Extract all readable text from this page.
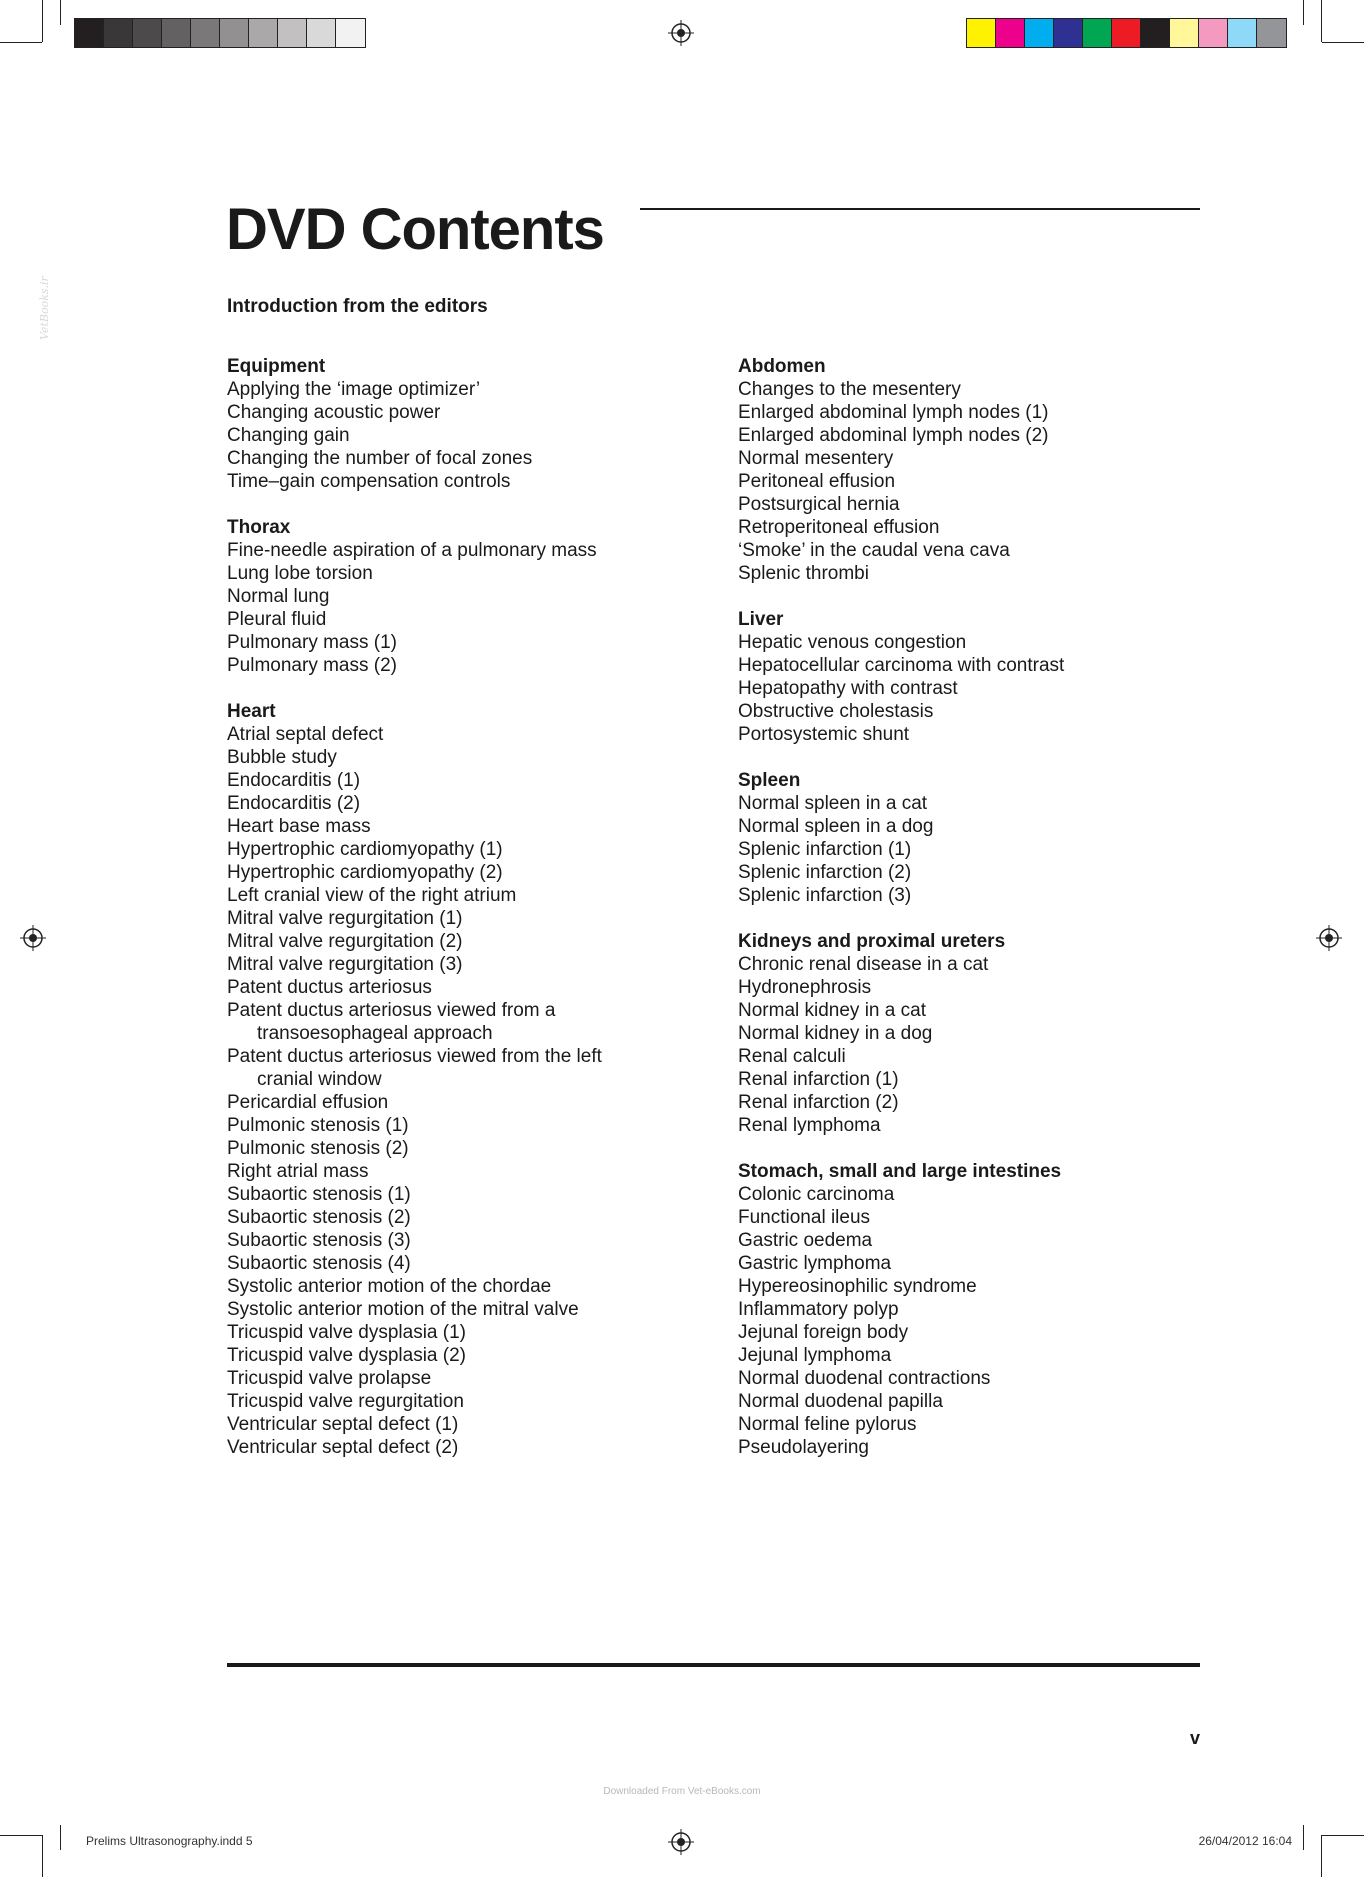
VetBooks.ir
DVD Contents
Introduction from the editors
Equipment
Applying the ‘image optimizer’
Changing acoustic power
Changing gain
Changing the number of focal zones
Time–gain compensation controls
Thorax
Fine-needle aspiration of a pulmonary mass
Lung lobe torsion
Normal lung
Pleural fluid
Pulmonary mass (1)
Pulmonary mass (2)
Heart
Atrial septal defect
Bubble study
Endocarditis (1)
Endocarditis (2)
Heart base mass
Hypertrophic cardiomyopathy (1)
Hypertrophic cardiomyopathy (2)
Left cranial view of the right atrium
Mitral valve regurgitation (1)
Mitral valve regurgitation (2)
Mitral valve regurgitation (3)
Patent ductus arteriosus
Patent ductus arteriosus viewed from a
transoesophageal approach
Patent ductus arteriosus viewed from the left
cranial window
Pericardial effusion
Pulmonic stenosis (1)
Pulmonic stenosis (2)
Right atrial mass
Subaortic stenosis (1)
Subaortic stenosis (2)
Subaortic stenosis (3)
Subaortic stenosis (4)
Systolic anterior motion of the chordae
Systolic anterior motion of the mitral valve
Tricuspid valve dysplasia (1)
Tricuspid valve dysplasia (2)
Tricuspid valve prolapse
Tricuspid valve regurgitation
Ventricular septal defect (1)
Ventricular septal defect (2)
Abdomen
Changes to the mesentery
Enlarged abdominal lymph nodes (1)
Enlarged abdominal lymph nodes (2)
Normal mesentery
Peritoneal effusion
Postsurgical hernia
Retroperitoneal effusion
‘Smoke’ in the caudal vena cava
Splenic thrombi
Liver
Hepatic venous congestion
Hepatocellular carcinoma with contrast
Hepatopathy with contrast
Obstructive cholestasis
Portosystemic shunt
Spleen
Normal spleen in a cat
Normal spleen in a dog
Splenic infarction (1)
Splenic infarction (2)
Splenic infarction (3)
Kidneys and proximal ureters
Chronic renal disease in a cat
Hydronephrosis
Normal kidney in a cat
Normal kidney in a dog
Renal calculi
Renal infarction (1)
Renal infarction (2)
Renal lymphoma
Stomach, small and large intestines
Colonic carcinoma
Functional ileus
Gastric oedema
Gastric lymphoma
Hypereosinophilic syndrome
Inflammatory polyp
Jejunal foreign body
Jejunal lymphoma
Normal duodenal contractions
Normal duodenal papilla
Normal feline pylorus
Pseudolayering
v
Downloaded From Vet-eBooks.com
Prelims Ultrasonography.indd 5	26/04/2012 16:04
